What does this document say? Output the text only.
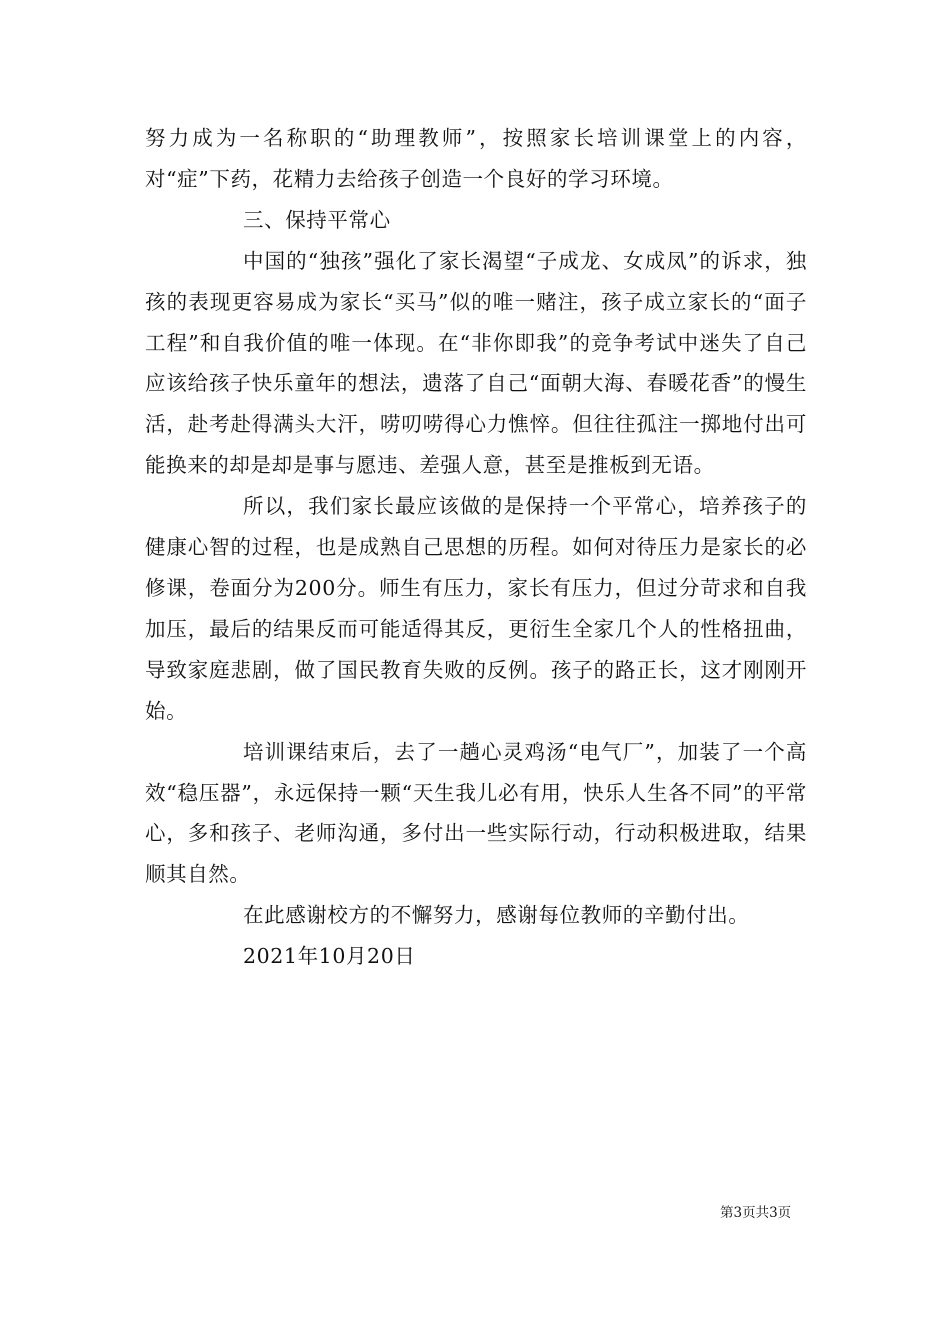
努力成为一名称职的“助理教师”，按照家长培训课堂上的内容，对“症”下药，花精力去给孩子创造一个良好的学习环境。

三、保持平常心

中国的“独孩”强化了家长渴望“子成龙、女成凤”的诉求，独孩的表现更容易成为家长“买马”似的唯一赌注，孩子成立家长的“面子工程”和自我价值的唯一体现。在“非你即我”的竞争考试中迷失了自己应该给孩子快乐童年的想法，遗落了自己“面朝大海、春暖花香”的慢生活，赴考赴得满头大汗，唠叨唠得心力憔悴。但往往孤注一掷地付出可能换来的却是却是事与愿违、差强人意，甚至是推板到无语。

所以，我们家长最应该做的是保持一个平常心，培养孩子的健康心智的过程，也是成熟自己思想的历程。如何对待压力是家长的必修课，卷面分为200分。师生有压力，家长有压力，但过分苛求和自我加压，最后的结果反而可能适得其反，更衍生全家几个人的性格扭曲，导致家庭悲剧，做了国民教育失败的反例。孩子的路正长，这才刚刚开始。

培训课结束后，去了一趟心灵鸡汤“电气厂”，加装了一个高效“稳压器”，永远保持一颗“天生我儿必有用，快乐人生各不同”的平常心，多和孩子、老师沟通，多付出一些实际行动，行动积极进取，结果顺其自然。

在此感谢校方的不懈努力，感谢每位教师的辛勤付出。

2021年10月20日

第3页共3页
